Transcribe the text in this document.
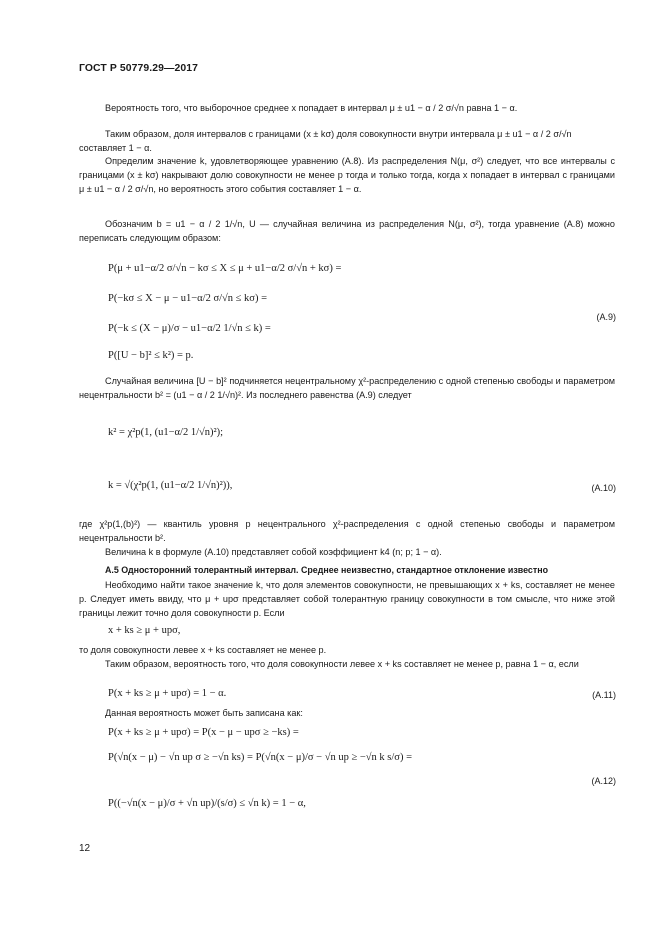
ГОСТ Р 50779.29—2017
Вероятность того, что выборочное среднее x попадает в интервал μ ± u1 − α / 2 σ/√n равна 1 − α.
Таким образом, доля интервалов с границами (x ± kσ) доля совокупности внутри интервала μ ± u1 − α / 2 σ/√n
составляет 1 − α.
Определим значение k, удовлетворяющее уравнению (А.8). Из распределения N(μ, σ²) следует, что все интервалы с границами (x ± kσ) накрывают долю совокупности не менее p тогда и только тогда, когда x попадает в интервал с границами μ ± u1 − α / 2 σ/√n, но вероятность этого события составляет 1 − α.
Обозначим b = u1 − α / 2 1/√n, U — случайная величина из распределения N(μ, σ²), тогда уравнение (А.8) можно переписать следующим образом:
P(μ + u1−α/2 σ/√n − kσ ≤ X ≤ μ + u1−α/2 σ/√n + kσ) =
P(−kσ ≤ X − μ − u1−α/2 σ/√n ≤ kσ) =
P(−k ≤ (X − μ)/σ − u1−α/2 1/√n ≤ k) =
P([U − b]² ≤ k²) = p.
(А.9)
Случайная величина [U − b]² подчиняется нецентральному χ²-распределению с одной степенью свободы и параметром нецентральности b² = (u1 − α / 2 1/√n)². Из последнего равенства (А.9) следует
k² = χ²p(1, (u1−α/2 1/√n)²);
k = √(χ²p(1, (u1−α/2 1/√n)²)),	(А.10)
где χ²p(1,(b)²) — квантиль уровня p нецентрального χ²-распределения с одной степенью свободы и параметром нецентральности b².
Величина k в формуле (А.10) представляет собой коэффициент k4 (n; p; 1 − α).
А.5 Односторонний толерантный интервал. Среднее неизвестно, стандартное отклонение известно
Необходимо найти такое значение k, что доля элементов совокупности, не превышающих x + ks, составляет не менее p. Следует иметь ввиду, что μ + upσ представляет собой толерантную границу совокупности в том смысле, что ниже этой границы лежит точно доля совокупности p. Если
x + ks ≥ μ + upσ,
то доля совокупности левее x + ks составляет не менее p.
Таким образом, вероятность того, что доля совокупности левее x + ks составляет не менее p, равна 1 − α, если
P(x + ks ≥ μ + upσ) = 1 − α.	(А.11)
Данная вероятность может быть записана как:
P(x + ks ≥ μ + upσ) = P(x − μ − upσ ≥ −ks) =
P(√n(x − μ) − √n up σ ≥ −√n ks) = P(√n(x − μ)/σ − √n up ≥ −√n k s/σ) =
P((−√n(x − μ)/σ + √n up)/(s/σ) ≤ √n k) = 1 − α,
(А.12)
12
